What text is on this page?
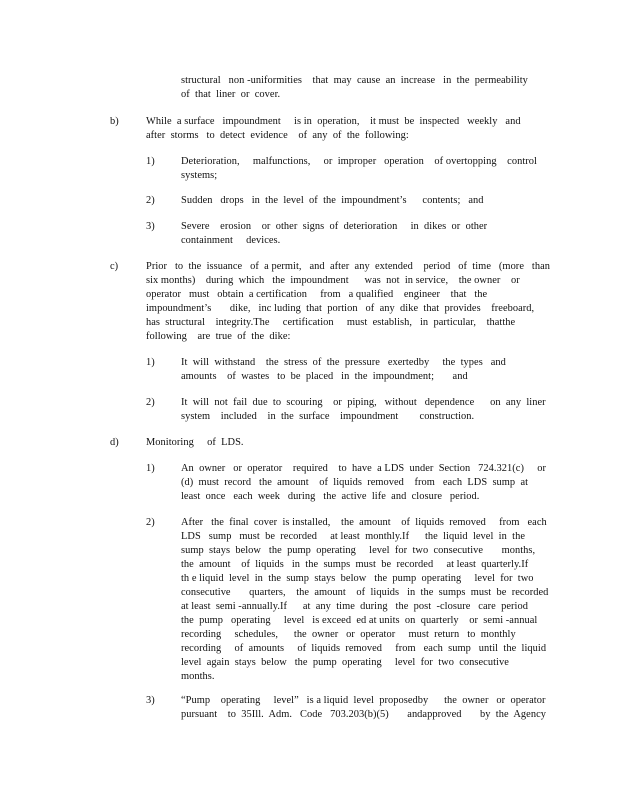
structural   non -uniformities    that  may  cause  an  increase   in  the  permeability
of  that  liner  or  cover.
b)	While  a surface   impoundment     is in  operation,    it must  be  inspected   weekly   and
after  storms   to  detect  evidence    of  any  of  the  following:
1)	Deterioration,     malfunctions,     or  improper   operation    of overtopping    control
systems;
2)	Sudden   drops   in  the  level  of  the  impoundment’s      contents;   and
3)	Severe    erosion    or  other  signs  of  deterioration     in  dikes  or  other
containment     devices.
c)	Prior   to  the  issuance   of  a permit,   and  after  any  extended    period   of  time   (more   than
six months)    during  which   the  impoundment      was  not  in service,    the owner    or
operator   must   obtain  a certification     from   a qualified    engineer    that   the
impoundment’s       dike,   inc luding  that  portion   of  any  dike  that  provides    freeboard,
has  structural    integrity.The     certification     must  establish,   in  particular,    thatthe
following    are  true  of  the  dike:
1)	It  will  withstand    the  stress  of  the  pressure   exertedby     the  types   and
amounts    of  wastes   to  be  placed   in  the  impoundment;       and
2)	It  will  not  fail  due  to  scouring    or  piping,   without   dependence      on  any  liner
system    included    in  the  surface    impoundment        construction.
d)	Monitoring     of  LDS.
1)	An  owner   or  operator    required    to  have  a LDS  under  Section   724.321(c)     or
(d)  must  record   the  amount    of  liquids  removed    from   each  LDS  sump  at
least  once   each  week   during   the  active  life  and  closure   period.
2)	After   the  final  cover  is installed,    the  amount    of  liquids  removed     from   each
LDS   sump   must  be  recorded     at least  monthly.If      the  liquid  level  in  the
sump  stays  below   the  pump  operating     level  for  two  consecutive       months,
the  amount    of  liquids   in  the  sumps  must  be  recorded     at least  quarterly.If
th e liquid  level  in  the  sump  stays  below   the  pump  operating     level  for  two
consecutive       quarters,    the  amount    of  liquids   in  the  sumps  must  be  recorded
at least  semi -annually.If      at  any  time  during   the  post  -closure   care  period
the  pump   operating     level   is exceed  ed at units  on  quarterly    or  semi -annual
recording     schedules,      the  owner   or  operator     must  return   to  monthly
recording     of  amounts     of  liquids  removed     from   each  sump   until  the  liquid
level  again  stays  below   the  pump  operating     level  for  two  consecutive
months.
3)	“Pump    operating     level”   is a liquid  level  proposedby      the  owner   or  operator
pursuant    to  35Ill.  Adm.   Code   703.203(b)(5)       andapproved       by  the  Agency
